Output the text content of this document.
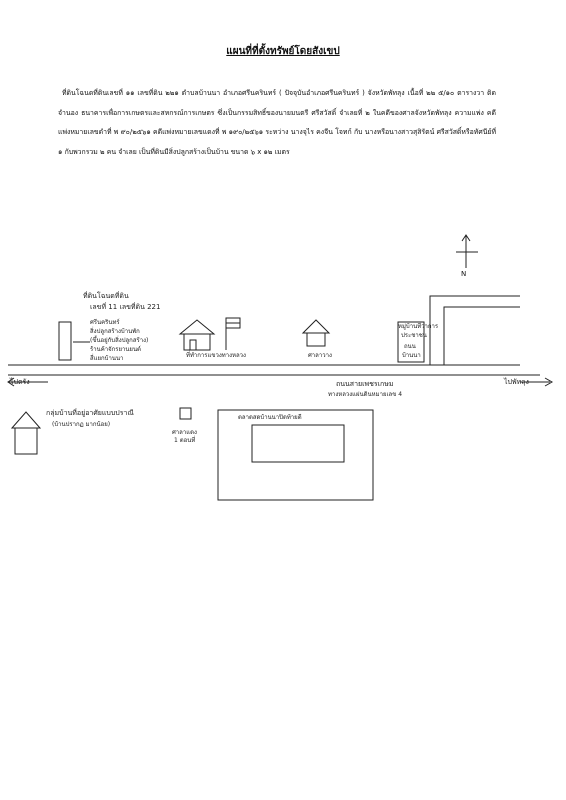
แผนที่ที่ตั้งทรัพย์โดยสังเขป
ที่ดินโฉนดที่ดินเลขที่ ๑๑ เลขที่ดิน ๒๒๑ ตำบลบ้านนา อำเภอศรีนครินทร์ ( ปัจจุบันอำเภอศรีนครินทร์ ) จังหวัดพัทลุง เนื้อที่ ๒๒ ๕/๑๐ ตารางวา ติดจำนอง ธนาคารเพื่อการเกษตรและสหกรณ์การเกษตร ซึ่งเป็นกรรมสิทธิ์ของนายมนตรี ศรีสวัสดิ์ จำเลยที่ ๒ ในคดีของศาลจังหวัดพัทลุง ความแพ่ง คดีแพ่งหมายเลขดำที่ พ ๙๐/๒๕๖๑ คดีแพ่งหมายเลขแดงที่ พ ๑๙๐/๒๕๖๑ ระหว่าง นางจุไร คงจีน โจทก์ กับ นางหรือนางสาวสุสิรัตน์ ศรีสวัสดิ์หรือทัศนีย์ที่ ๑ กับพวกรวม ๒ คน จำเลย เป็นที่ดินมีสิ่งปลูกสร้างเป็นบ้าน ขนาด ๖ x ๑๒ เมตร
N
ที่ดินโฉนดที่ดิน
เลขที่ 11 เลขที่ดิน 221
ศรีนครินทร์
สิ่งปลูกสร้างบ้านพัก
(ขึ้นอยู่กับสิ่งปลูกสร้าง)
ร้านค้าจักรยานยนต์
สี่แยกบ้านนา	ที่ทำการแขวงทางหลวง	ศาลาวาง
หมู่บ้านที่ว่าการ
ประชาชน
ถนน
บ้านนา
ไปตรัง	ไปพัทลุง
ถนนสายเพชรเกษม
ทางหลวงแผ่นดินหมายเลข 4
กลุ่มบ้านที่อยู่อาศัยแบบปราณี
(บ้านปรากฏ มากน้อย)
ศาลาแดง
1 ตอนที่
ตลาดสดบ้านนาปิดท้ายดี
